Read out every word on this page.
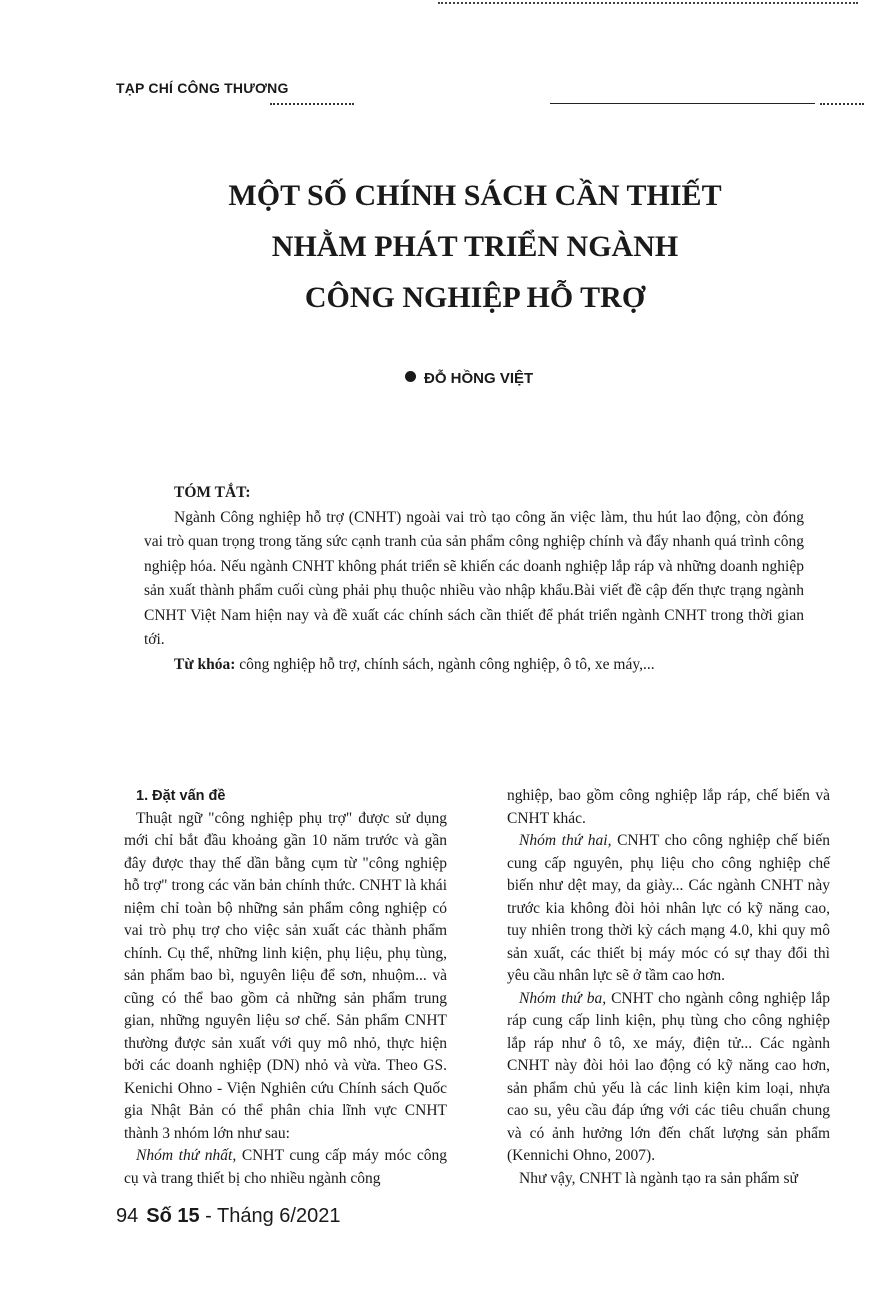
TẠP CHÍ CÔNG THƯƠNG
MỘT SỐ CHÍNH SÁCH CẦN THIẾT
NHẰM PHÁT TRIỂN NGÀNH
CÔNG NGHIỆP HỖ TRỢ
ĐỖ HỒNG VIỆT

TÓM TẮT:

Ngành Công nghiệp hỗ trợ (CNHT) ngoài vai trò tạo công ăn việc làm, thu hút lao động, còn đóng vai trò quan trọng trong tăng sức cạnh tranh của sản phẩm công nghiệp chính và đẩy nhanh quá trình công nghiệp hóa. Nếu ngành CNHT không phát triển sẽ khiến các doanh nghiệp lắp ráp và những doanh nghiệp sản xuất thành phẩm cuối cùng phải phụ thuộc nhiều vào nhập khẩu.Bài viết đề cập đến thực trạng ngành CNHT Việt Nam hiện nay và đề xuất các chính sách cần thiết để phát triển ngành CNHT trong thời gian tới.

Từ khóa: công nghiệp hỗ trợ, chính sách, ngành công nghiệp, ô tô, xe máy,...

1. Đặt vấn đề

Thuật ngữ "công nghiệp phụ trợ" được sử dụng mới chỉ bắt đầu khoảng gần 10 năm trước và gần đây được thay thế dần bằng cụm từ "công nghiệp hỗ trợ" trong các văn bản chính thức. CNHT là khái niệm chỉ toàn bộ những sản phẩm công nghiệp có vai trò phụ trợ cho việc sản xuất các thành phẩm chính. Cụ thể, những linh kiện, phụ liệu, phụ tùng, sản phẩm bao bì, nguyên liệu để sơn, nhuộm... và cũng có thể bao gồm cả những sản phẩm trung gian, những nguyên liệu sơ chế. Sản phẩm CNHT thường được sản xuất với quy mô nhỏ, thực hiện bởi các doanh nghiệp (DN) nhỏ và vừa. Theo GS. Kenichi Ohno - Viện Nghiên cứu Chính sách Quốc gia Nhật Bản có thể phân chia lĩnh vực CNHT thành 3 nhóm lớn như sau:

Nhóm thứ nhất, CNHT cung cấp máy móc công cụ và trang thiết bị cho nhiều ngành công

nghiệp, bao gồm công nghiệp lắp ráp, chế biến và CNHT khác.

Nhóm thứ hai, CNHT cho công nghiệp chế biến cung cấp nguyên, phụ liệu cho công nghiệp chế biến như dệt may, da giày... Các ngành CNHT này trước kia không đòi hỏi nhân lực có kỹ năng cao, tuy nhiên trong thời kỳ cách mạng 4.0, khi quy mô sản xuất, các thiết bị máy móc có sự thay đổi thì yêu cầu nhân lực sẽ ở tầm cao hơn.

Nhóm thứ ba, CNHT cho ngành công nghiệp lắp ráp cung cấp linh kiện, phụ tùng cho công nghiệp lắp ráp như ô tô, xe máy, điện tử... Các ngành CNHT này đòi hỏi lao động có kỹ năng cao hơn, sản phẩm chủ yếu là các linh kiện kim loại, nhựa cao su, yêu cầu đáp ứng với các tiêu chuẩn chung và có ảnh hưởng lớn đến chất lượng sản phẩm (Kennichi Ohno, 2007).

Như vậy, CNHT là ngành tạo ra sản phẩm sử

94 Số 15 - Tháng 6/2021
